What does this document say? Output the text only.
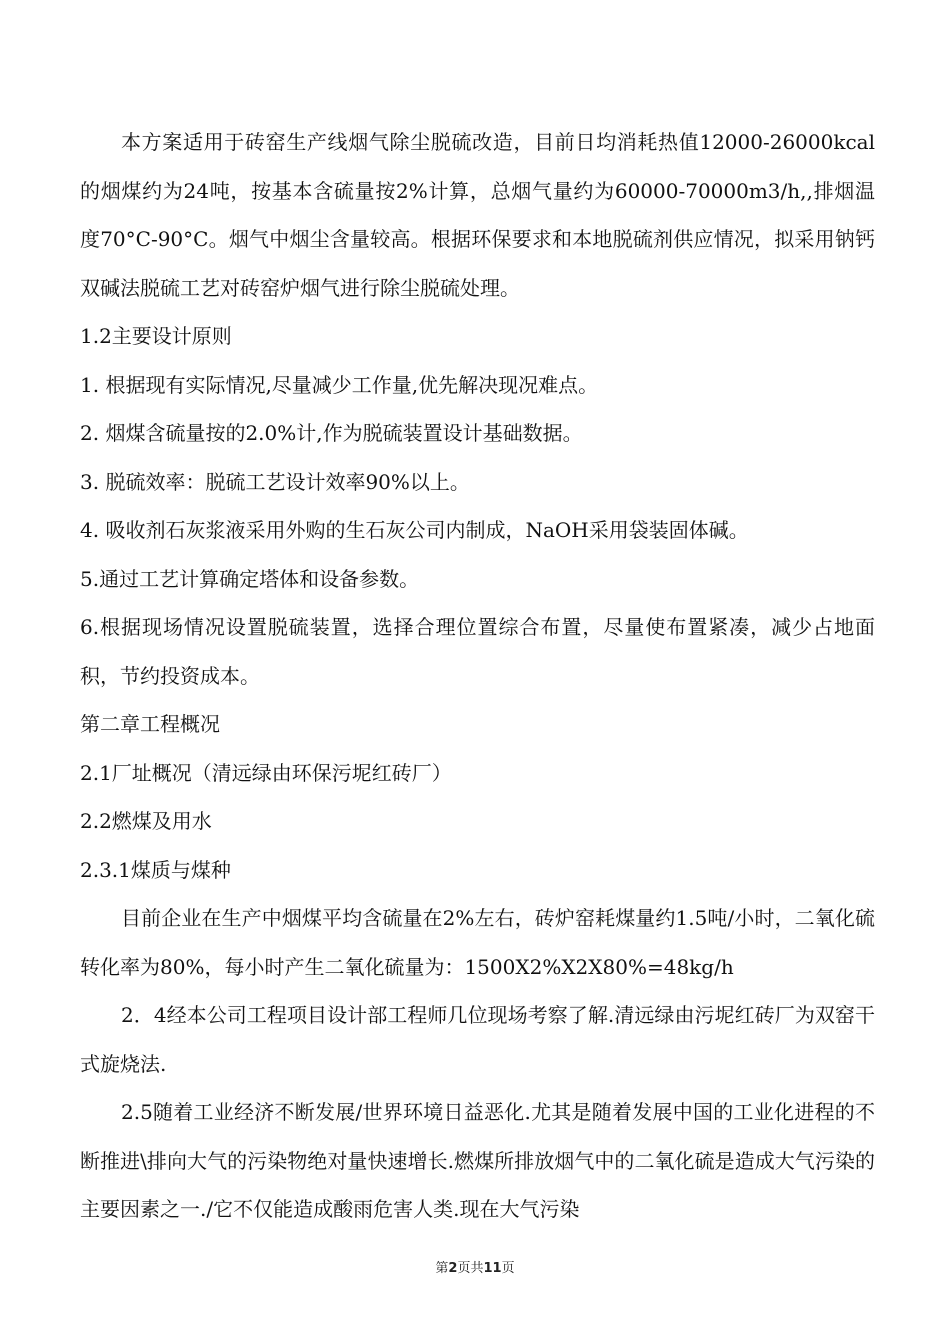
本方案适用于砖窑生产线烟气除尘脱硫改造，目前日均消耗热值12000-26000kcal的烟煤约为24吨，按基本含硫量按2%计算，总烟气量约为60000-70000m3/h,,排烟温度70°C-90°C。烟气中烟尘含量较高。根据环保要求和本地脱硫剂供应情况，拟采用钠钙双碱法脱硫工艺对砖窑炉烟气进行除尘脱硫处理。

1.2主要设计原则

1. 根据现有实际情况,尽量减少工作量,优先解决现况难点。

2. 烟煤含硫量按的2.0%计,作为脱硫装置设计基础数据。

3. 脱硫效率：脱硫工艺设计效率90%以上。

4. 吸收剂石灰浆液采用外购的生石灰公司内制成，NaOH采用袋装固体碱。

5.通过工艺计算确定塔体和设备参数。

6.根据现场情况设置脱硫装置，选择合理位置综合布置，尽量使布置紧凑，减少占地面积，节约投资成本。

第二章工程概况

2.1厂址概况（清远绿由环保污坭红砖厂）

2.2燃煤及用水

2.3.1煤质与煤种

目前企业在生产中烟煤平均含硫量在2%左右，砖炉窑耗煤量约1.5吨/小时，二氧化硫转化率为80%，每小时产生二氧化硫量为：1500X2%X2X80%=48kg/h

2．4经本公司工程项目设计部工程师几位现场考察了解.清远绿由污坭红砖厂为双窑干式旋烧法.

2.5随着工业经济不断发展/世界环境日益恶化.尤其是随着发展中国的工业化进程的不断推进\排向大气的污染物绝对量快速增长.燃煤所排放烟气中的二氧化硫是造成大气污染的主要因素之一./它不仅能造成酸雨危害人类.现在大气污染

第2页共11页
